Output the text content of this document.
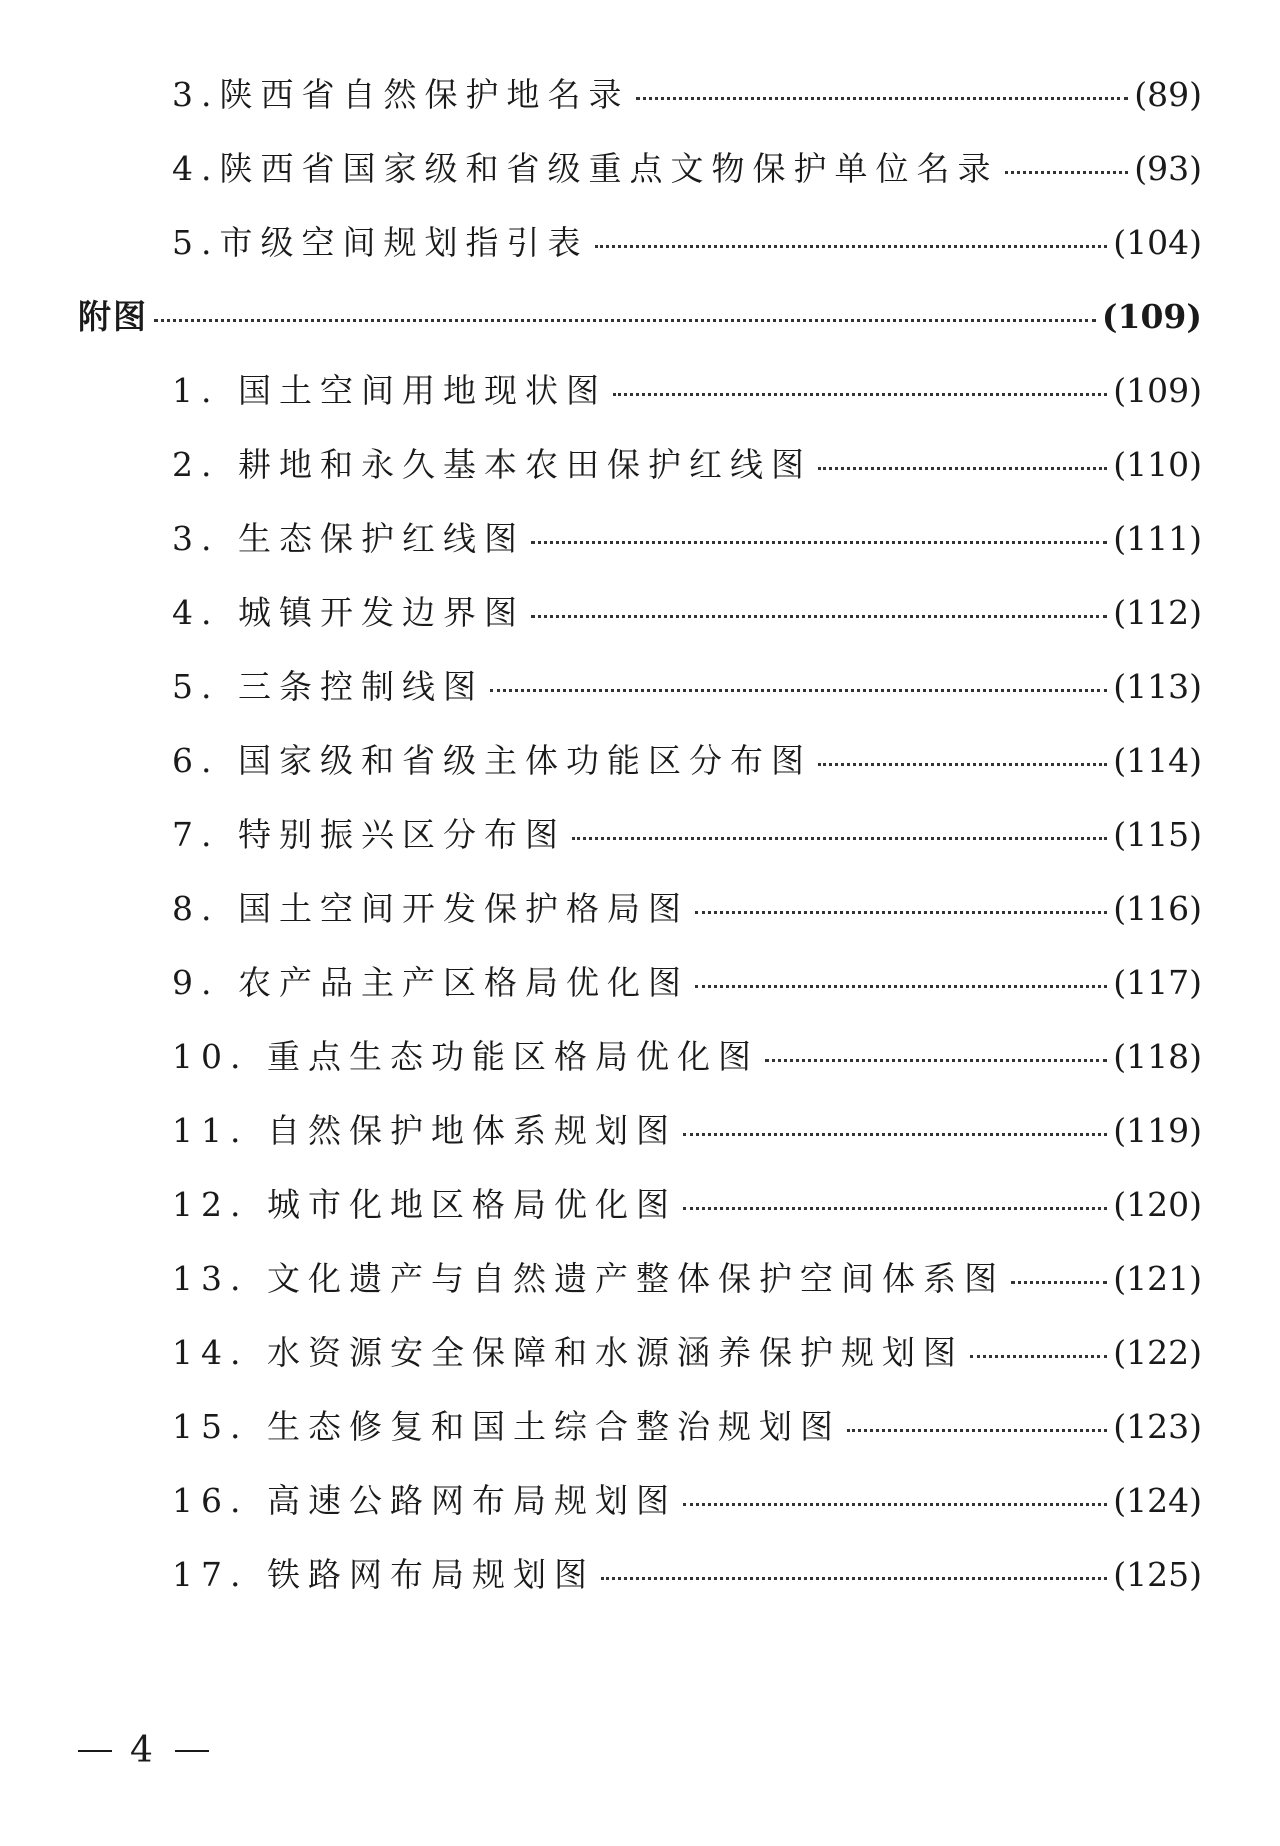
3.陕西省自然保护地名录	(89)
4.陕西省国家级和省级重点文物保护单位名录	(93)
5.市级空间规划指引表	(104)
附图	(109)
1. 国土空间用地现状图	(109)
2. 耕地和永久基本农田保护红线图	(110)
3. 生态保护红线图	(111)
4. 城镇开发边界图	(112)
5. 三条控制线图	(113)
6. 国家级和省级主体功能区分布图	(114)
7. 特别振兴区分布图	(115)
8. 国土空间开发保护格局图	(116)
9. 农产品主产区格局优化图	(117)
10. 重点生态功能区格局优化图	(118)
11. 自然保护地体系规划图	(119)
12. 城市化地区格局优化图	(120)
13. 文化遗产与自然遗产整体保护空间体系图	(121)
14. 水资源安全保障和水源涵养保护规划图	(122)
15. 生态修复和国土综合整治规划图	(123)
16. 高速公路网布局规划图	(124)
17. 铁路网布局规划图	(125)
4
